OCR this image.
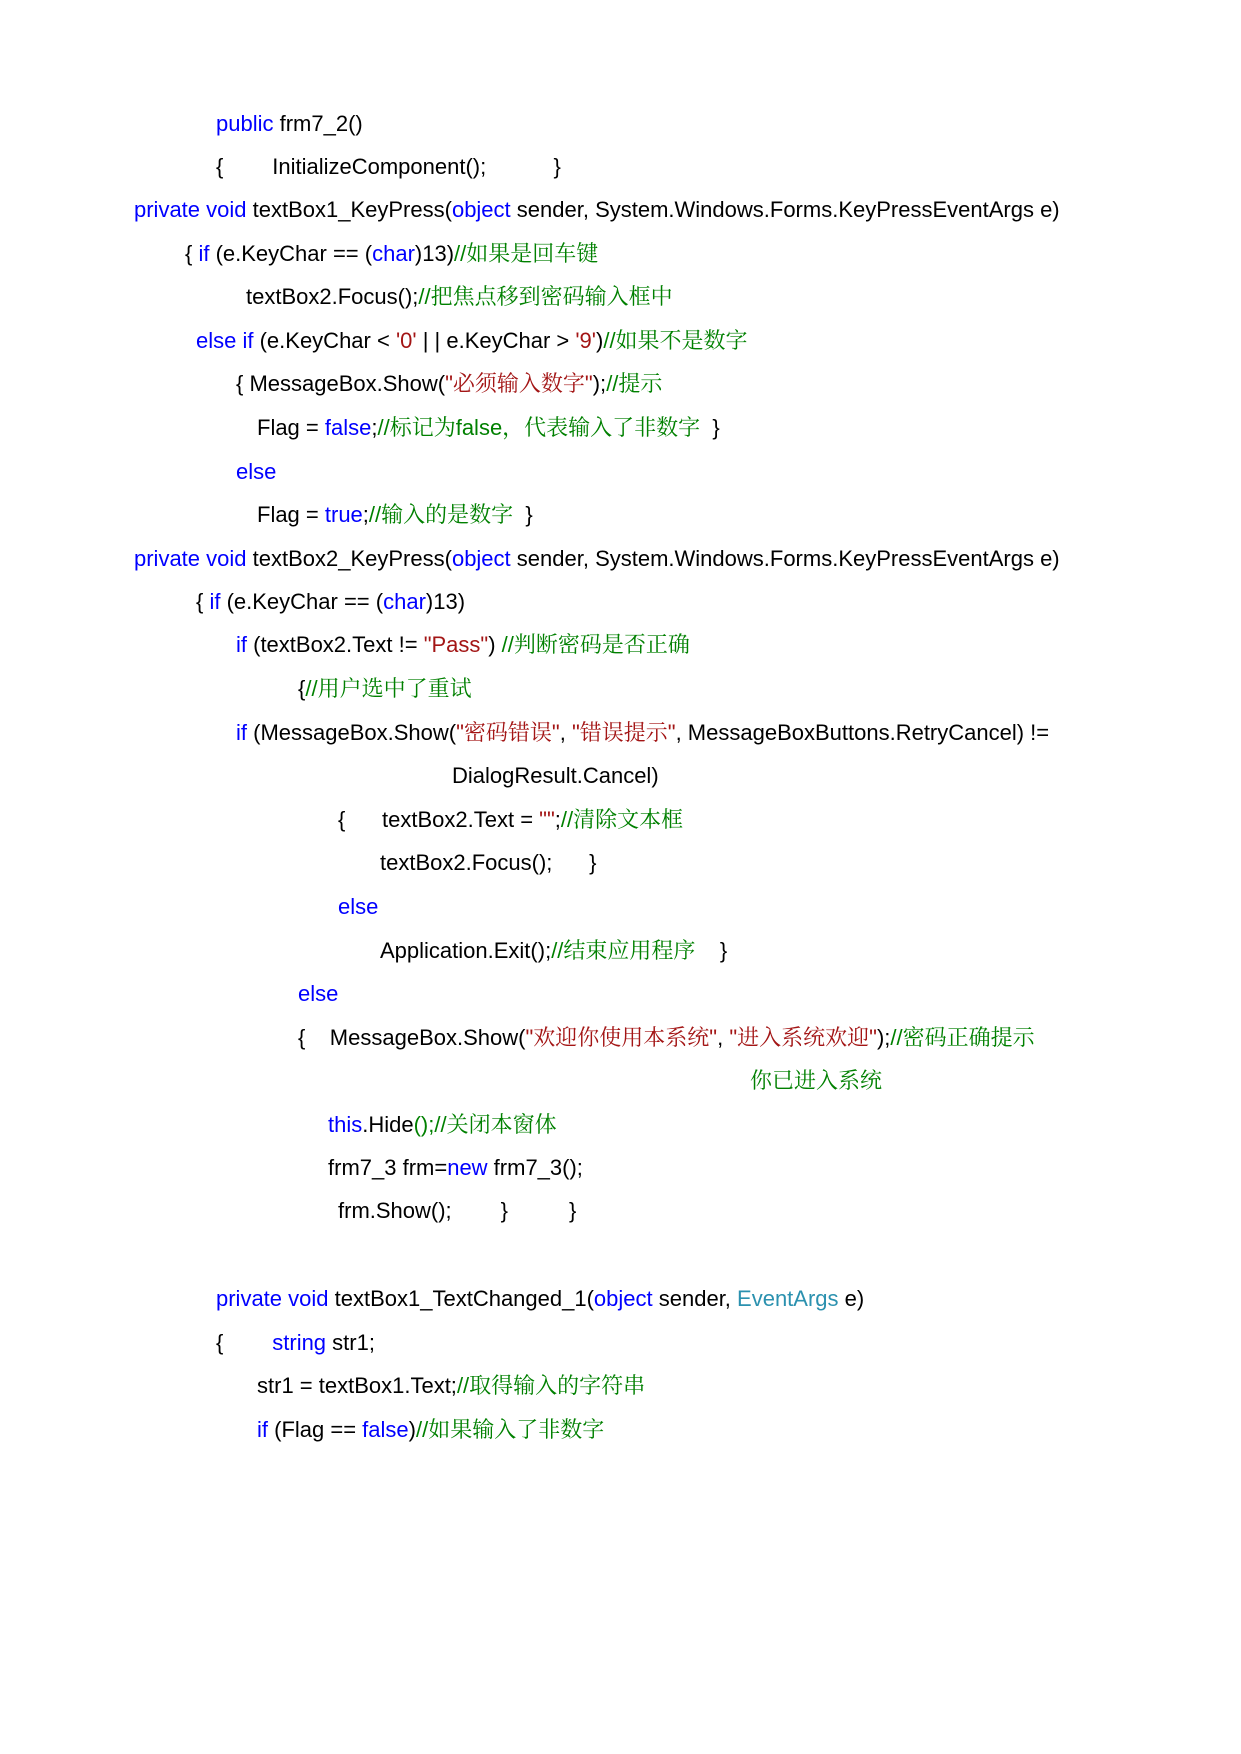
public frm7_2()
{        InitializeComponent();           }
private void textBox1_KeyPress(object sender, System.Windows.Forms.KeyPressEventArgs e)
{ if (e.KeyChar == (char)13)//如果是回车键
textBox2.Focus();//把焦点移到密码输入框中
else if (e.KeyChar < '0' | | e.KeyChar > '9')//如果不是数字
{ MessageBox.Show("必须输入数字");//提示
Flag = false;//标记为false，代表输入了非数字  }
else
Flag = true;//输入的是数字  }
private void textBox2_KeyPress(object sender, System.Windows.Forms.KeyPressEventArgs e)
{ if (e.KeyChar == (char)13)
if (textBox2.Text != "Pass") //判断密码是否正确
{//用户选中了重试
if (MessageBox.Show("密码错误", "错误提示", MessageBoxButtons.RetryCancel) !=
DialogResult.Cancel)
{      textBox2.Text = "";//清除文本框
textBox2.Focus();      }
else
Application.Exit();//结束应用程序    }
else
{    MessageBox.Show("欢迎你使用本系统", "进入系统欢迎");//密码正确提示
你已进入系统
this.Hide();//关闭本窗体
frm7_3 frm=new frm7_3();
frm.Show();        }          }
private void textBox1_TextChanged_1(object sender, EventArgs e)
{        string str1;
str1 = textBox1.Text;//取得输入的字符串
if (Flag == false)//如果输入了非数字
